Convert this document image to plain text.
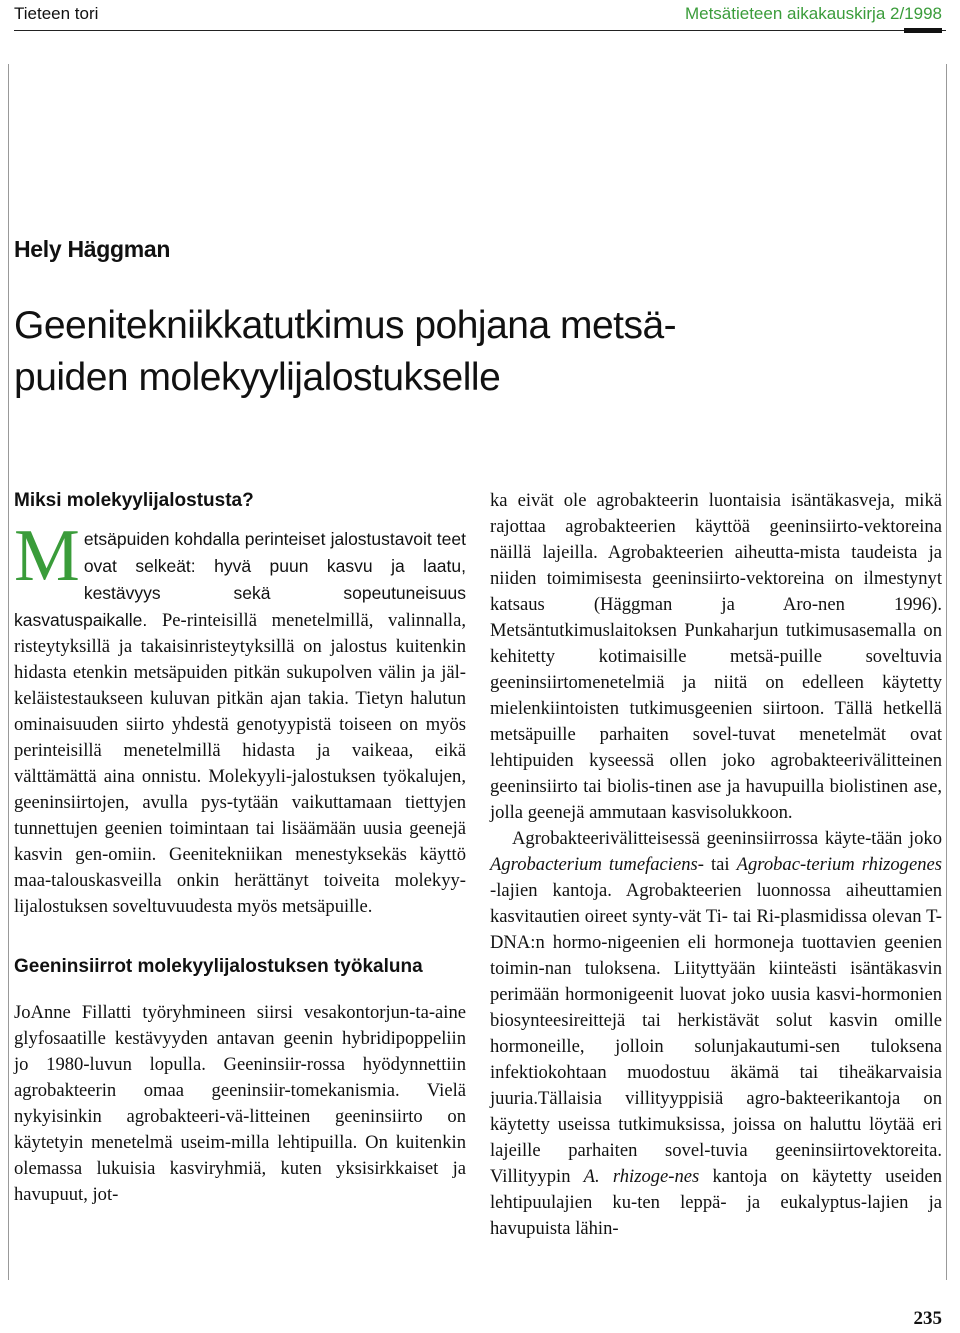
Tieteen tori	Metsätieteen aikakauskirja 2/1998
Hely Häggman
Geenitekniikkatutkimus pohjana metsä-
puiden molekyylijalostukselle
Miksi molekyylijalostusta?

Metsäpuiden kohdalla perinteiset jalostustavoit teet ovat selkeät: hyvä puun kasvu ja laatu, kestävyys sekä sopeutuneisuus kasvatuspaikalle. Pe-rinteisillä menetelmillä, valinnalla, risteytyksillä ja takaisinristeytyksillä on jalostus kuitenkin hidasta etenkin metsäpuiden pitkän sukupolven välin ja jäl-keläistestaukseen kuluvan pitkän ajan takia. Tietyn halutun ominaisuuden siirto yhdestä genotyypistä toiseen on myös perinteisillä menetelmillä hidasta ja vaikeaa, eikä välttämättä aina onnistu. Molekyyli-jalostuksen työkalujen, geeninsiirtojen, avulla pys-tytään vaikuttamaan tiettyjen tunnettujen geenien toimintaan tai lisäämään uusia geenejä kasvin gen-omiin. Geenitekniikan menestyksekäs käyttö maa-talouskasveilla onkin herättänyt toiveita molekyy-lijalostuksen soveltuvuudesta myös metsäpuille.

Geeninsiirrot molekyylijalostuksen työkaluna

JoAnne Fillatti työryhmineen siirsi vesakontorjun-ta-aine glyfosaatille kestävyyden antavan geenin hybridipoppeliin jo 1980-luvun lopulla. Geeninsiir-rossa hyödynnettiin agrobakteerin omaa geeninsiir-tomekanismia. Vielä nykyisinkin agrobakteeri-vä-litteinen geeninsiirto on käytetyin menetelmä useim-milla lehtipuilla. On kuitenkin olemassa lukuisia kasviryhmiä, kuten yksisirkkaiset ja havupuut, jot-

ka eivät ole agrobakteerin luontaisia isäntäkasveja, mikä rajottaa agrobakteerien käyttöä geeninsiirto-vektoreina näillä lajeilla. Agrobakteerien aiheutta-mista taudeista ja niiden toimimisesta geeninsiirto-vektoreina on ilmestynyt katsaus (Häggman ja Aro-nen 1996). Metsäntutkimuslaitoksen Punkaharjun tutkimusasemalla on kehitetty kotimaisille metsä-puille soveltuvia geeninsiirtomenetelmiä ja niitä on edelleen käytetty mielenkiintoisten tutkimusgeenien siirtoon. Tällä hetkellä metsäpuille parhaiten sovel-tuvat menetelmät ovat lehtipuiden kyseessä ollen joko agrobakteerivälitteinen geeninsiirto tai biolis-tinen ase ja havupuilla biolistinen ase, jolla geenejä ammutaan kasvisolukkoon.

Agrobakteerivälitteisessä geeninsiirrossa käyte-tään joko Agrobacterium tumefaciens- tai Agrobac-terium rhizogenes -lajien kantoja. Agrobakteerien luonnossa aiheuttamien kasvitautien oireet synty-vät Ti- tai Ri-plasmidissa olevan T-DNA:n hormo-nigeenien eli hormoneja tuottavien geenien toimin-nan tuloksena. Liityttyään kiinteästi isäntäkasvin perimään hormonigeenit luovat joko uusia kasvi-hormonien biosynteesireittejä tai herkistävät solut kasvin omille hormoneille, jolloin solunjakautumi-sen tuloksena infektiokohtaan muodostuu äkämä tai tiheäkarvaisia juuria.Tällaisia villityyppisiä agro-bakteerikantoja on käytetty useissa tutkimuksissa, joissa on haluttu löytää eri lajeille parhaiten sovel-tuvia geeninsiirtovektoreita. Villityypin A. rhizoge-nes kantoja on käytetty useiden lehtipuulajien ku-ten leppä- ja eukalyptus-lajien ja havupuista lähin-

235
